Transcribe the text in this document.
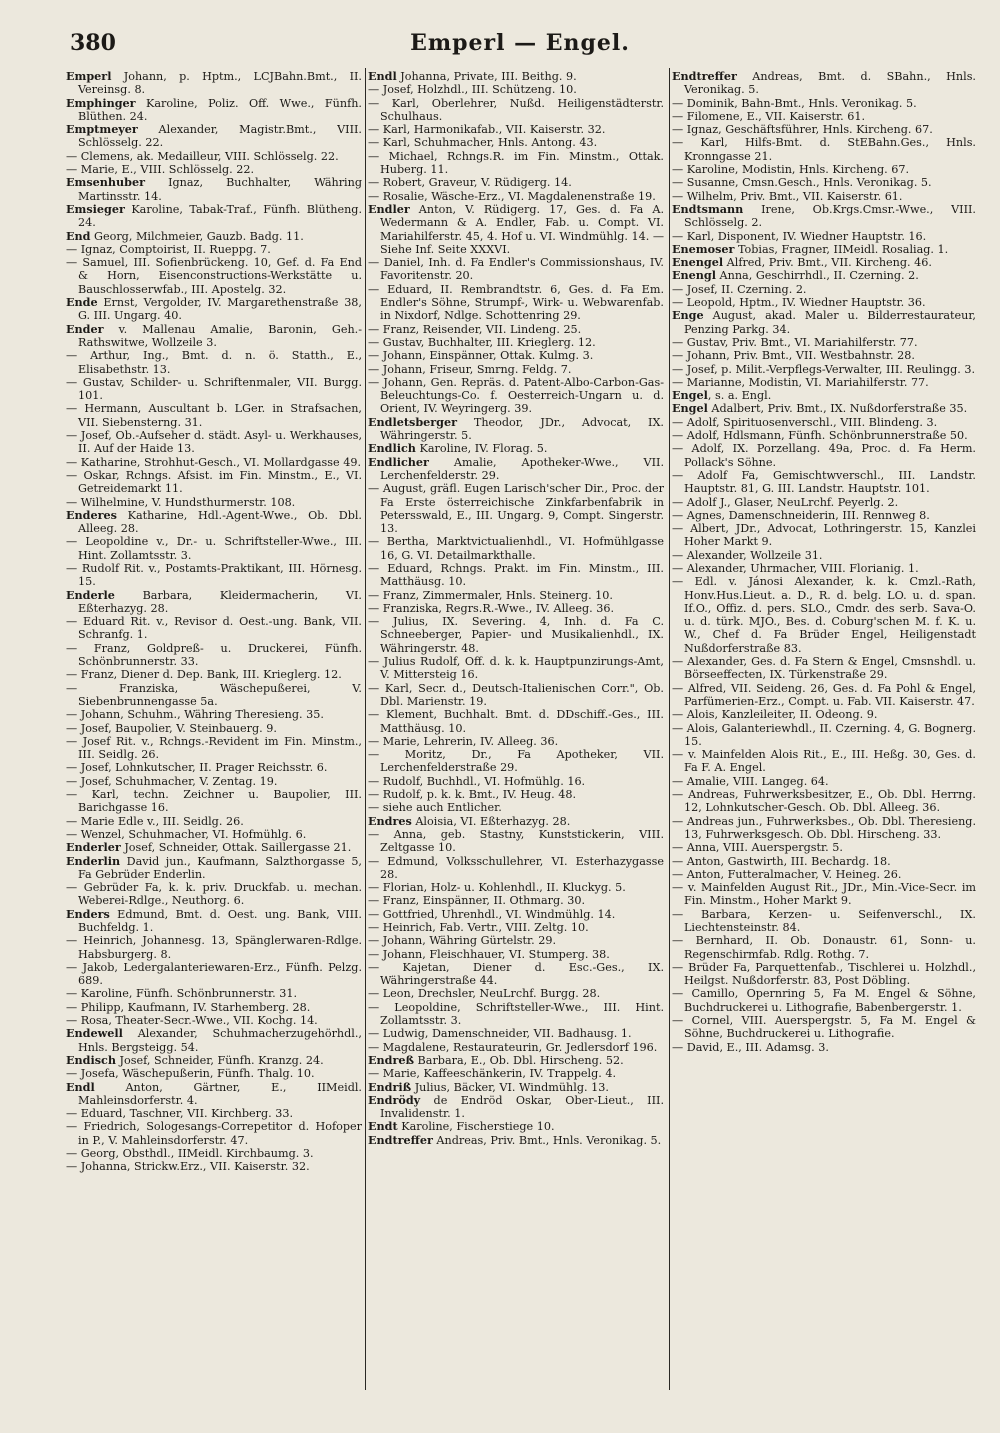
380	Emperl — Engel.
Emperl Johann, p. Hptm., LCJBahn.Bmt., II. Vereinsg. 8.
Emphinger Karoline, Poliz. Off. Wwe., Fünfh. Blüthen. 24.
Emptmeyer Alexander, Magistr.Bmt., VIII. Schlösselg. 22.
— Clemens, ak. Medailleur, VIII. Schlösselg. 22.
— Marie, E., VIII. Schlösselg. 22.
Emsenhuber Ignaz, Buchhalter, Währing Martinsstr. 14.
Emsieger Karoline, Tabak-Traf., Fünfh. Blütheng. 24.
End Georg, Milchmeier, Gauzb. Badg. 11.
— Ignaz, Comptoirist, II. Rueppg. 7.
— Samuel, III. Sofienbrückeng. 10, Gef. d. Fa End & Horn, Eisenconstructions-Werkstätte u. Bauschlosserwfab., III. Apostelg. 32.
Ende Ernst, Vergolder, IV. Margarethenstraße 38, G. III. Ungarg. 40.
Ender v. Mallenau Amalie, Baronin, Geh.-Rathswitwe, Wollzeile 3.
— Arthur, Ing., Bmt. d. n. ö. Statth., E., Elisabethstr. 13.
— Gustav, Schilder- u. Schriftenmaler, VII. Burgg. 101.
— Hermann, Auscultant b. LGer. in Strafsachen, VII. Siebensterng. 31.
— Josef, Ob.-Aufseher d. städt. Asyl- u. Werkhauses, II. Auf der Haide 13.
— Katharine, Strohhut-Gesch., VI. Mollardgasse 49.
— Oskar, Rchngs. Afsist. im Fin. Minstm., E., VI. Getreidemarkt 11.
— Wilhelmine, V. Hundsthurmerstr. 108.
Enderes Katharine, Hdl.-Agent-Wwe., Ob. Dbl. Alleeg. 28.
— Leopoldine v., Dr.- u. Schriftsteller-Wwe., III. Hint. Zollamtsstr. 3.
— Rudolf Rit. v., Postamts-Praktikant, III. Hörnesg. 15.
Enderle Barbara, Kleidermacherin, VI. Eßterhazyg. 28.
— Eduard Rit. v., Revisor d. Oest.-ung. Bank, VII. Schranfg. 1.
— Franz, Goldpreß- u. Druckerei, Fünfh. Schönbrunnerstr. 33.
— Franz, Diener d. Dep. Bank, III. Krieglerg. 12.
— Franziska, Wäschepußerei, V. Siebenbrunnengasse 5a.
— Johann, Schuhm., Währing Theresieng. 35.
— Josef, Baupolier, V. Steinbauerg. 9.
— Josef Rit. v., Rchngs.-Revident im Fin. Minstm., III. Seidlg. 26.
— Josef, Lohnkutscher, II. Prager Reichsstr. 6.
— Josef, Schuhmacher, V. Zentag. 19.
— Karl, techn. Zeichner u. Baupolier, III. Barichgasse 16.
— Marie Edle v., III. Seidlg. 26.
— Wenzel, Schuhmacher, VI. Hofmühlg. 6.
Enderler Josef, Schneider, Ottak. Saillergasse 21.
Enderlin David jun., Kaufmann, Salzthorgasse 5, Fa Gebrüder Enderlin.
— Gebrüder Fa, k. k. priv. Druckfab. u. mechan. Weberei-Rdlge., Neuthorg. 6.
Enders Edmund, Bmt. d. Oest. ung. Bank, VIII. Buchfeldg. 1.
— Heinrich, Johannesg. 13, Spänglerwaren-Rdlge. Habsburgerg. 8.
— Jakob, Ledergalanteriewaren-Erz., Fünfh. Pelzg. 689.
— Karoline, Fünfh. Schönbrunnerstr. 31.
— Philipp, Kaufmann, IV. Starhemberg. 28.
— Rosa, Theater-Secr.-Wwe., VII. Kochg. 14.
Endewell Alexander, Schuhmacherzugehörhdl., Hnls. Bergsteigg. 54.
Endisch Josef, Schneider, Fünfh. Kranzg. 24.
— Josefa, Wäschepußerin, Fünfh. Thalg. 10.
Endl Anton, Gärtner, E., IIMeidl. Mahleinsdorferstr. 4.
— Eduard, Taschner, VII. Kirchberg. 33.
— Friedrich, Sologesangs-Correpetitor d. Hofoper in P., V. Mahleinsdorferstr. 47.
— Georg, Obsthdl., IIMeidl. Kirchbaumg. 3.
— Johanna, Strickw.Erz., VII. Kaiserstr. 32.
Endl Johanna, Private, III. Beithg. 9.
— Josef, Holzhdl., III. Schützeng. 10.
— Karl, Oberlehrer, Nußd. Heiligenstädterstr. Schulhaus.
— Karl, Harmonikafab., VII. Kaiserstr. 32.
— Karl, Schuhmacher, Hnls. Antong. 43.
— Michael, Rchngs.R. im Fin. Minstm., Ottak. Huberg. 11.
— Robert, Graveur, V. Rüdigerg. 14.
— Rosalie, Wäsche-Erz., VI. Magdalenenstraße 19.
Endler Anton, V. Rüdigerg. 17, Ges. d. Fa A. Wedermann & A. Endler, Fab. u. Compt. VI. Mariahilferstr. 45, 4. Hof u. VI. Windmühlg. 14. — Siehe Inf. Seite XXXVI.
— Daniel, Inh. d. Fa Endler's Commissionshaus, IV. Favoritenstr. 20.
— Eduard, II. Rembrandtstr. 6, Ges. d. Fa Em. Endler's Söhne, Strumpf-, Wirk- u. Webwarenfab. in Nixdorf, Ndlge. Schottenring 29.
— Franz, Reisender, VII. Lindeng. 25.
— Gustav, Buchhalter, III. Krieglerg. 12.
— Johann, Einspänner, Ottak. Kulmg. 3.
— Johann, Friseur, Smrng. Feldg. 7.
— Johann, Gen. Repräs. d. Patent-Albo-Carbon-Gas-Beleuchtungs-Co. f. Oesterreich-Ungarn u. d. Orient, IV. Weyringerg. 39.
Endletsberger Theodor, JDr., Advocat, IX. Währingerstr. 5.
Endlich Karoline, IV. Florag. 5.
Endlicher Amalie, Apotheker-Wwe., VII. Lerchenfelderstr. 29.
— August, gräfl. Eugen Larisch'scher Dir., Proc. der Fa Erste österreichische Zinkfarbenfabrik in Petersswald, E., III. Ungarg. 9, Compt. Singerstr. 13.
— Bertha, Marktvictualienhdl., VI. Hofmühlgasse 16, G. VI. Detailmarkthalle.
— Eduard, Rchngs. Prakt. im Fin. Minstm., III. Matthäusg. 10.
— Franz, Zimmermaler, Hnls. Steinerg. 10.
— Franziska, Regrs.R.-Wwe., IV. Alleeg. 36.
— Julius, IX. Severing. 4, Inh. d. Fa C. Schneeberger, Papier- und Musikalienhdl., IX. Währingerstr. 48.
— Julius Rudolf, Off. d. k. k. Hauptpunzirungs-Amt, V. Mittersteig 16.
— Karl, Secr. d., Deutsch-Italienischen Corr.", Ob. Dbl. Marienstr. 19.
— Klement, Buchhalt. Bmt. d. DDschiff.-Ges., III. Matthäusg. 10.
— Marie, Lehrerin, IV. Alleeg. 36.
— Moritz, Dr., Fa Apotheker, VII. Lerchenfelderstraße 29.
— Rudolf, Buchhdl., VI. Hofmühlg. 16.
— Rudolf, p. k. k. Bmt., IV. Heug. 48.
— siehe auch Entlicher.
Endres Aloisia, VI. Eßterhazyg. 28.
— Anna, geb. Stastny, Kunststickerin, VIII. Zeltgasse 10.
— Edmund, Volksschullehrer, VI. Esterhazygasse 28.
— Florian, Holz- u. Kohlenhdl., II. Kluckyg. 5.
— Franz, Einspänner, II. Othmarg. 30.
— Gottfried, Uhrenhdl., VI. Windmühlg. 14.
— Heinrich, Fab. Vertr., VIII. Zeltg. 10.
— Johann, Währing Gürtelstr. 29.
— Johann, Fleischhauer, VI. Stumperg. 38.
— Kajetan, Diener d. Esc.-Ges., IX. Währingerstraße 44.
— Leon, Drechsler, NeuLrchf. Burgg. 28.
— Leopoldine, Schriftsteller-Wwe., III. Hint. Zollamtsstr. 3.
— Ludwig, Damenschneider, VII. Badhausg. 1.
— Magdalene, Restaurateurin, Gr. Jedlersdorf 196.
Endreß Barbara, E., Ob. Dbl. Hirscheng. 52.
— Marie, Kaffeeschänkerin, IV. Trappelg. 4.
Endriß Julius, Bäcker, VI. Windmühlg. 13.
Endrödy de Endröd Oskar, Ober-Lieut., III. Invalidenstr. 1.
Endt Karoline, Fischerstiege 10.
Endtreffer Andreas, Priv. Bmt., Hnls. Veronikag. 5.
Endtreffer Andreas, Bmt. d. SBahn., Hnls. Veronikag. 5.
— Dominik, Bahn-Bmt., Hnls. Veronikag. 5.
— Filomene, E., VII. Kaiserstr. 61.
— Ignaz, Geschäftsführer, Hnls. Kircheng. 67.
— Karl, Hilfs-Bmt. d. StEBahn.Ges., Hnls. Kronngasse 21.
— Karoline, Modistin, Hnls. Kircheng. 67.
— Susanne, Cmsn.Gesch., Hnls. Veronikag. 5.
— Wilhelm, Priv. Bmt., VII. Kaiserstr. 61.
Endtsmann Irene, Ob.Krgs.Cmsr.-Wwe., VIII. Schlösselg. 2.
— Karl, Disponent, IV. Wiedner Hauptstr. 16.
Enemoser Tobias, Fragner, IIMeidl. Rosaliag. 1.
Enengel Alfred, Priv. Bmt., VII. Kircheng. 46.
Enengl Anna, Geschirrhdl., II. Czerning. 2.
— Josef, II. Czerning. 2.
— Leopold, Hptm., IV. Wiedner Hauptstr. 36.
Enge August, akad. Maler u. Bilderrestaurateur, Penzing Parkg. 34.
— Gustav, Priv. Bmt., VI. Mariahilferstr. 77.
— Johann, Priv. Bmt., VII. Westbahnstr. 28.
— Josef, p. Milit.-Verpflegs-Verwalter, III. Reulingg. 3.
— Marianne, Modistin, VI. Mariahilferstr. 77.
Engel, s. a. Engl.
Engel Adalbert, Priv. Bmt., IX. Nußdorferstraße 35.
— Adolf, Spirituosenverschl., VIII. Blindeng. 3.
— Adolf, Hdlsmann, Fünfh. Schönbrunnerstraße 50.
— Adolf, IX. Porzellang. 49a, Proc. d. Fa Herm. Pollack's Söhne.
— Adolf Fa, Gemischtwverschl., III. Landstr. Hauptstr. 81, G. III. Landstr. Hauptstr. 101.
— Adolf J., Glaser, NeuLrchf. Peyerlg. 2.
— Agnes, Damenschneiderin, III. Rennweg 8.
— Albert, JDr., Advocat, Lothringerstr. 15, Kanzlei Hoher Markt 9.
— Alexander, Wollzeile 31.
— Alexander, Uhrmacher, VIII. Florianig. 1.
— Edl. v. Jánosi Alexander, k. k. Cmzl.-Rath, Honv.Hus.Lieut. a. D., R. d. belg. LO. u. d. span. If.O., Offiz. d. pers. SLO., Cmdr. des serb. Sava-O. u. d. türk. MJO., Bes. d. Coburg'schen M. f. K. u. W., Chef d. Fa Brüder Engel, Heiligenstadt Nußdorferstraße 83.
— Alexander, Ges. d. Fa Stern & Engel, Cmsnshdl. u. Börseeffecten, IX. Türkenstraße 29.
— Alfred, VII. Seideng. 26, Ges. d. Fa Pohl & Engel, Parfümerien-Erz., Compt. u. Fab. VII. Kaiserstr. 47.
— Alois, Kanzleileiter, II. Odeong. 9.
— Alois, Galanteriewhdl., II. Czerning. 4, G. Bognerg. 15.
— v. Mainfelden Alois Rit., E., III. Heßg. 30, Ges. d. Fa F. A. Engel.
— Amalie, VIII. Langeg. 64.
— Andreas, Fuhrwerksbesitzer, E., Ob. Dbl. Herrng. 12, Lohnkutscher-Gesch. Ob. Dbl. Alleeg. 36.
— Andreas jun., Fuhrwerksbes., Ob. Dbl. Theresieng. 13, Fuhrwerksgesch. Ob. Dbl. Hirscheng. 33.
— Anna, VIII. Auerspergstr. 5.
— Anton, Gastwirth, III. Bechardg. 18.
— Anton, Futteralmacher, V. Heineg. 26.
— v. Mainfelden August Rit., JDr., Min.-Vice-Secr. im Fin. Minstm., Hoher Markt 9.
— Barbara, Kerzen- u. Seifenverschl., IX. Liechtensteinstr. 84.
— Bernhard, II. Ob. Donaustr. 61, Sonn- u. Regenschirmfab. Rdlg. Rothg. 7.
— Brüder Fa, Parquettenfab., Tischlerei u. Holzhdl., Heilgst. Nußdorferstr. 83, Post Döbling.
— Camillo, Opernring 5, Fa M. Engel & Söhne, Buchdruckerei u. Lithografie, Babenbergerstr. 1.
— Cornel, VIII. Auerspergstr. 5, Fa M. Engel & Söhne, Buchdruckerei u. Lithografie.
— David, E., III. Adamsg. 3.
